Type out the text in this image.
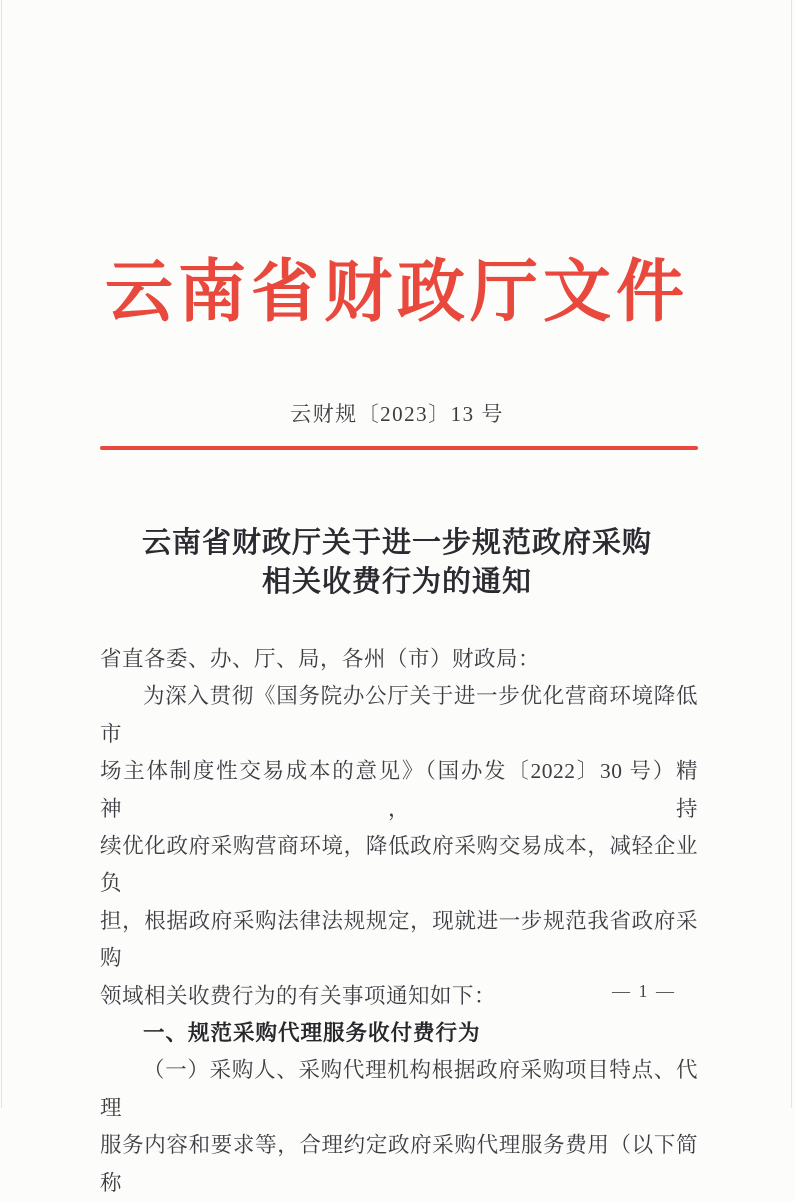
云南省财政厅文件
云财规〔2023〕13 号
云南省财政厅关于进一步规范政府采购
相关收费行为的通知
省直各委、办、厅、局，各州（市）财政局：
为深入贯彻《国务院办公厅关于进一步优化营商环境降低市
场主体制度性交易成本的意见》（国办发〔2022〕30 号）精神，持
续优化政府采购营商环境，降低政府采购交易成本，减轻企业负
担，根据政府采购法律法规规定，现就进一步规范我省政府采购
领域相关收费行为的有关事项通知如下：
一、规范采购代理服务收付费行为
（一）采购人、采购代理机构根据政府采购项目特点、代理
服务内容和要求等，合理约定政府采购代理服务费用（以下简称
— 1 —
